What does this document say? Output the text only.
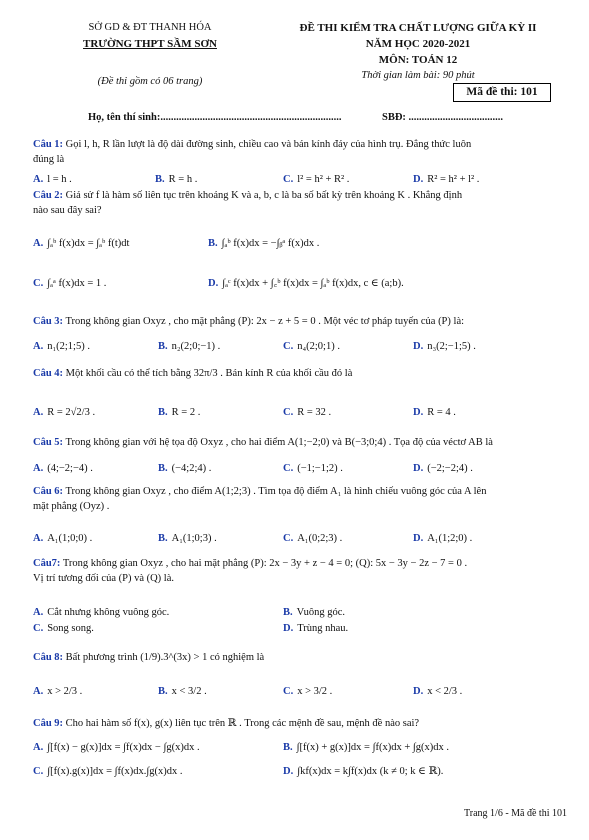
SỞ GD & ĐT THANH HÓA
TRƯỜNG THPT SẦM SƠN
(Đề thi gồm có 06 trang)
ĐỀ THI KIỂM TRA CHẤT LƯỢNG GIỮA KỲ II
NĂM HỌC 2020-2021
MÔN: TOÁN 12
Thời gian làm bài: 90 phút
Mã đề thi: 101
Họ, tên thí sinh:.....................................................................	SBĐ: ....................................
Câu 1: Gọi l, h, R lần lượt là độ dài đường sinh, chiều cao và bán kính đáy của hình trụ. Đẳng thức luôn
đúng là
A. l = h .	B. R = h .	C. l² = h² + R² .	D. R² = h² + l² .
Câu 2: Giả sử f là hàm số liên tục trên khoảng K và a, b, c là ba số bất kỳ trên khoảng K . Khẳng định
nào sau đây sai?
A. ∫ₐᵇ f(x)dx = ∫ₐᵇ f(t)dt	B. ∫ₐᵇ f(x)dx = −∫ᵦᵃ f(x)dx .
C. ∫ₐᵃ f(x)dx = 1 .	D. ∫ₐᶜ f(x)dx + ∫꜀ᵇ f(x)dx = ∫ₐᵇ f(x)dx, c ∈ (a;b).
Câu 3: Trong không gian Oxyz , cho mặt phẳng (P): 2x − z + 5 = 0 . Một véc tơ pháp tuyến của (P) là:
A. n₁(2;1;5) .	B. n₂(2;0;−1) .	C. n₄(2;0;1) .	D. n₃(2;−1;5) .
Câu 4: Một khối cầu có thể tích bằng 32π/3 . Bán kính R của khối cầu đó là
A. R = 2√2/3 .	B. R = 2 .	C. R = 32 .	D. R = 4 .
Câu 5: Trong không gian với hệ tọa độ Oxyz , cho hai điểm A(1;−2;0) và B(−3;0;4) . Tọa độ của véctơ AB là
A. (4;−2;−4) .	B. (−4;2;4) .	C. (−1;−1;2) .	D. (−2;−2;4) .
Câu 6: Trong không gian Oxyz , cho điểm A(1;2;3) . Tìm tọa độ điểm A₁ là hình chiếu vuông góc của A lên
mặt phẳng (Oyz) .
A. A₁(1;0;0) .	B. A₁(1;0;3) .	C. A₁(0;2;3) .	D. A₁(1;2;0) .
Câu7: Trong không gian Oxyz , cho hai mặt phẳng (P): 2x − 3y + z − 4 = 0; (Q): 5x − 3y − 2z − 7 = 0 .
Vị trí tương đối của (P) và (Q) là.
A. Cắt nhưng không vuông góc.	B. Vuông góc.
C. Song song.	D. Trùng nhau.
Câu 8: Bất phương trình (1/9).3^(3x) > 1 có nghiệm là
A. x > 2/3 .	B. x < 3/2 .	C. x > 3/2 .	D. x < 2/3 .
Câu 9: Cho hai hàm số f(x), g(x) liên tục trên ℝ . Trong các mệnh đề sau, mệnh đề nào sai?
A. ∫[f(x) − g(x)]dx = ∫f(x)dx − ∫g(x)dx .	B. ∫[f(x) + g(x)]dx = ∫f(x)dx + ∫g(x)dx .
C. ∫[f(x).g(x)]dx = ∫f(x)dx.∫g(x)dx .	D. ∫kf(x)dx = k∫f(x)dx (k ≠ 0; k ∈ ℝ).
Trang 1/6 - Mã đề thi 101
